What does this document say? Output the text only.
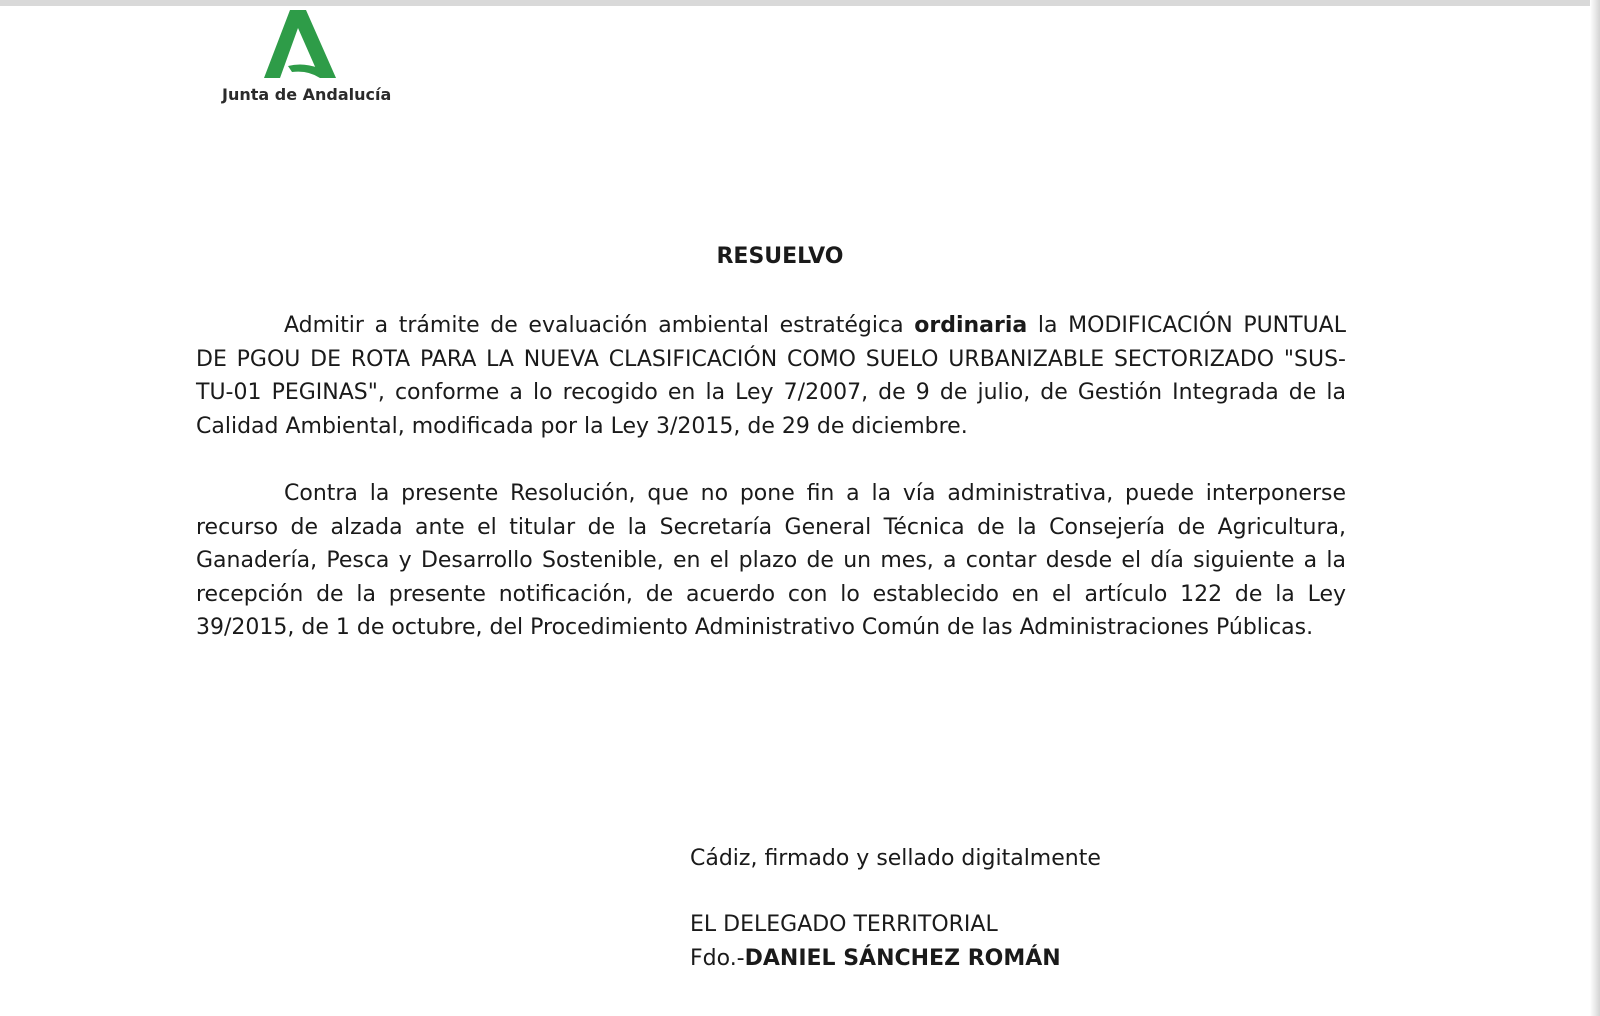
Junta de Andalucía
RESUELVO
Admitir a trámite de evaluación ambiental estratégica ordinaria la MODIFICACIÓN PUNTUAL DE PGOU DE ROTA PARA LA NUEVA CLASIFICACIÓN COMO SUELO URBANIZABLE SECTORIZADO "SUS-TU-01 PEGINAS", conforme a lo recogido en la Ley 7/2007, de 9 de julio, de Gestión Integrada de la Calidad Ambiental, modificada por la Ley 3/2015, de 29 de diciembre.
Contra la presente Resolución, que no pone fin a la vía administrativa, puede interponerse recurso de alzada ante el titular de la Secretaría General Técnica de la Consejería de Agricultura, Ganadería, Pesca y Desarrollo Sostenible, en el plazo de un mes, a contar desde el día siguiente a la recepción de la presente notificación, de acuerdo con lo establecido en el artículo 122 de la Ley 39/2015, de 1 de octubre, del Procedimiento Administrativo Común de las Administraciones Públicas.
Cádiz, firmado y sellado digitalmente
EL DELEGADO TERRITORIAL
Fdo.-DANIEL SÁNCHEZ ROMÁN
